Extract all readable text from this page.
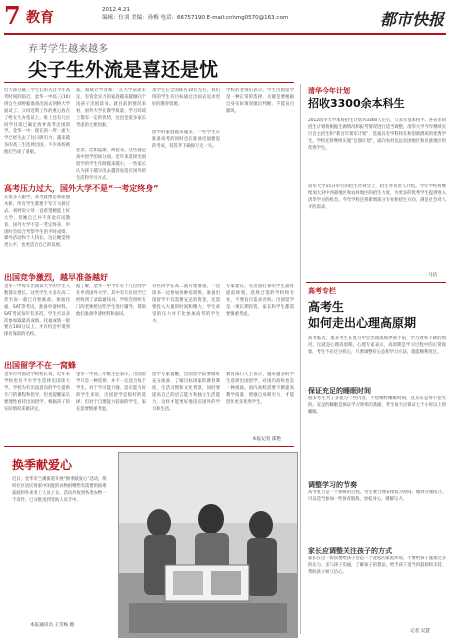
7 教育	2012.4.21
编辑：位羽 美编：孙梅 电话：66757190 E-mail:cnhmg0570@163.com	都市快报
弃考学生越来越多
尖子生外流是喜还是忧
近大部分属三学生们的关注今年高考时间的临近，金华一中高三(10)班女生刘婷毅准备出国去剑桥大学面试了。父母近期工作的重心放在了给女儿办签证上。班上还有几位同学目前已确定放弃高考出国留学。金华一中：现在的一所一流大学已经失去了往日吸引力，越来越多的高三生选择出国，不少高校被他们当成了备胎。
家。据统计学者称：‘在大学前途未定，有资金实力的家庭越来越倾向于送孩子出国读书。就目前的情况来看，国外大学在教学质量、学习环境上都有一定的优势，这也是很多家长考虑的主要因素。’
业余，比如篮球、辩论等。这些都是高中留学的加分项。近年来选择出国留学的学生年龄越来越小，一些家长认为孩子越早出去越容易适应国外的生活和学习方式。
求学生在全国排名10位左右，我们班的学生有目标通过出国去追求更好的教育资源。
留学的家庭越来越多，一些学生在准备高考的同时也在准备托福雅思的考试，双管齐下确保万无一失。
学校的老师们表示，学生出国留学是一种正常的选择，关键是要根据自身实际情况做出判断，不能盲目跟风。
高考压力过大，国外大学不是“一考定终身”
在很多人眼中，高考就像是那座独木桥，所有学生都要千军万马挤过去。刘婷说父母一直希望她能上好大学，但她自己并不喜欢应试教育。国外大学不是一考定终身，申请时会综合考察学生的平时成绩、课外活动和个人特长。这让她觉得更公平，也更适合自己的发展。
出国竞争激烈，越早准备越好
金华一中每年出国读大学的学生人数都在增长。这些学生大多在高二甚至高一就已开始准备，参加托福、SAT等考试，准备申请材料。SAT考试每年有多次，学生可以多次参加取最高成绩。托福成绩一般要在100分以上，才有机会申请到排名靠前的名校。
据了解，金华一中今年有十几位同学在申请国外大学，其中有几位同学已经收到了录取通知书。学校会组织专门的老师给这些学生进行辅导，帮助他们准备申请材料和面试。
有些同学在高二就开始准备，一边读书一边参加各种培训班。准备出国留学不仅需要充足的资金，还需要投入大量的时间和精力，学生承受的压力并不比参加高考的学生小。
专家建议，有出国打算的学生最好提前规划，选择合适的学校和专业，不要盲目追求名校。出国留学是一项长期投资，家长和学生都需要慎重考虑。
出国留学不在一窝蜂
金华市外国语学校校长说，近年来学校也有不少学生选择出国读大学。学校为有出国意向的学生提供专门的课程和指导，但也提醒家长要理性看待出国留学，根据孩子的实际情况来做决定。
金华一中高三年级主任表示，出国留学只是一种选择，并不一定适合每个学生。对于学习能力强、适应能力好的学生来说，出国留学是很好的选择；但对于自理能力较弱的学生，家长需要慎重考虑。
留学专家提醒，出国留学前要做好充分准备，了解目标国家的教育制度、生活习惯和文化背景，同时要提高自己的语言能力和独立生活能力，这样才能更好地适应国外的学习和生活。
教育部门人士表示，越来越多的学生选择出国留学，对国内高校也是一种挑战。国内高校需要不断提高教学质量，增强自身吸引力，才能留住更多优秀学生。
本报记者 邵艳
清华今年计划
招收3300余本科生
2012清华大学本科招生计划为3300人左右，与去年基本持平。各省市的招生计划将根据生源情况和报考情况进行适当调整。清华大学今年继续实行自主招生和“新百年领军计划”，选拔具有学科特长和创新潜质的优秀学生。学校还将继续实施“自强计划”，面向农村边远贫困地区和民族地区的优秀学生。
清华大学15日举行的招生咨询会上，招生办负责人介绍，今年学校将继续加大对中西部地区和农村地区的招生力度，为更多的优秀学生提供进入清华学习的机会。今年学校还将新增部分专业和招生方向，满足社会对人才的需求。
马洁
高考专栏
高考生
如何走出心理高原期
高考临近，很多考生在复习中会出现成绩停滞不前、学习效率下降的情况，这就是心理高原期。心理专家表示，高原期是学习过程中的正常现象，考生不必过分担心，只要调整好心态和学习方法，就能顺利度过。
保证充足的睡眠时间
很多考生为了多复习一些内容，不惜牺牲睡眠时间，这其实是得不偿失的。充足的睡眠是保证学习效率的基础，考生每天应保证七个小时以上的睡眠。
调整学习的节奏
高考复习是一个系统的过程，考生要合理安排复习时间，做到劳逸结合。可以适当参加一些体育锻炼，放松身心，缓解压力。
家长应调整关注孩子的方式
家长在这一阶段要给孩子营造一个宽松的家庭环境，不要给孩子施加过多的压力。多与孩子沟通，了解孩子的想法，给予孩子适当的鼓励和支持，帮助孩子树立信心。
记者 吴慧
换季献爱心
近日，金华市兰溪街道开展“换季献爱心”活动，组织社区居民将家中闲置的衣物捐赠给有需要的困难家庭和外来务工人员子女。活动共收到各类衣物一千余件，已分批送到受助人员手中。
本报通讯员 王雪梅 摄
